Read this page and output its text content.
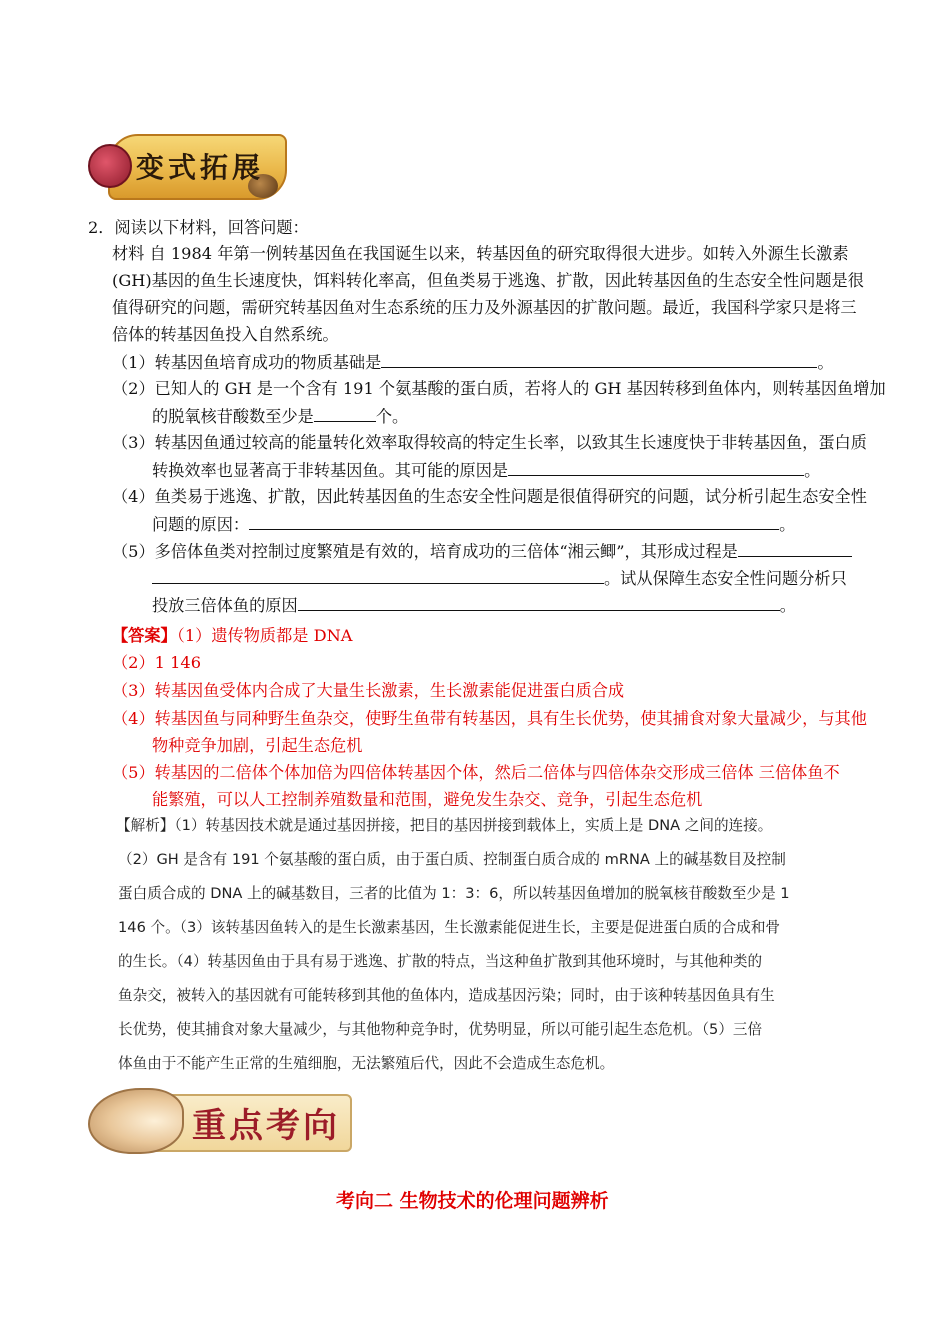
变式拓展
2．阅读以下材料，回答问题：
材料 自 1984 年第一例转基因鱼在我国诞生以来，转基因鱼的研究取得很大进步。如转入外源生长激素
(GH)基因的鱼生长速度快，饵料转化率高，但鱼类易于逃逸、扩散，因此转基因鱼的生态安全性问题是很
值得研究的问题，需研究转基因鱼对生态系统的压力及外源基因的扩散问题。最近，我国科学家只是将三
倍体的转基因鱼投入自然系统。
（1）转基因鱼培育成功的物质基础是	。
（2）已知人的 GH 是一个含有 191 个氨基酸的蛋白质，若将人的 GH 基因转移到鱼体内，则转基因鱼增加
的脱氧核苷酸数至少是	个。
（3）转基因鱼通过较高的能量转化效率取得较高的特定生长率，以致其生长速度快于非转基因鱼，蛋白质
转换效率也显著高于非转基因鱼。其可能的原因是	。
（4）鱼类易于逃逸、扩散，因此转基因鱼的生态安全性问题是很值得研究的问题，试分析引起生态安全性
问题的原因：	。
（5）多倍体鱼类对控制过度繁殖是有效的，培育成功的三倍体“湘云鲫”，其形成过程是
。试从保障生态安全性问题分析只
投放三倍体鱼的原因	。
【答案】（1）遗传物质都是 DNA
（2）1 146
（3）转基因鱼受体内合成了大量生长激素，生长激素能促进蛋白质合成
（4）转基因鱼与同种野生鱼杂交，使野生鱼带有转基因，具有生长优势，使其捕食对象大量减少，与其他
物种竞争加剧，引起生态危机
（5）转基因的二倍体个体加倍为四倍体转基因个体，然后二倍体与四倍体杂交形成三倍体 三倍体鱼不
能繁殖，可以人工控制养殖数量和范围，避免发生杂交、竞争，引起生态危机
【解析】（1）转基因技术就是通过基因拼接，把目的基因拼接到载体上，实质上是 DNA 之间的连接。
（2）GH 是含有 191 个氨基酸的蛋白质，由于蛋白质、控制蛋白质合成的 mRNA 上的碱基数目及控制
蛋白质合成的 DNA 上的碱基数目，三者的比值为 1：3：6，所以转基因鱼增加的脱氧核苷酸数至少是 1
146 个。（3）该转基因鱼转入的是生长激素基因，生长激素能促进生长，主要是促进蛋白质的合成和骨
的生长。（4）转基因鱼由于具有易于逃逸、扩散的特点，当这种鱼扩散到其他环境时，与其他种类的
鱼杂交，被转入的基因就有可能转移到其他的鱼体内，造成基因污染；同时，由于该种转基因鱼具有生
长优势，使其捕食对象大量减少，与其他物种竞争时，优势明显，所以可能引起生态危机。（5）三倍
体鱼由于不能产生正常的生殖细胞，无法繁殖后代，因此不会造成生态危机。
重点考向
考向二 生物技术的伦理问题辨析
